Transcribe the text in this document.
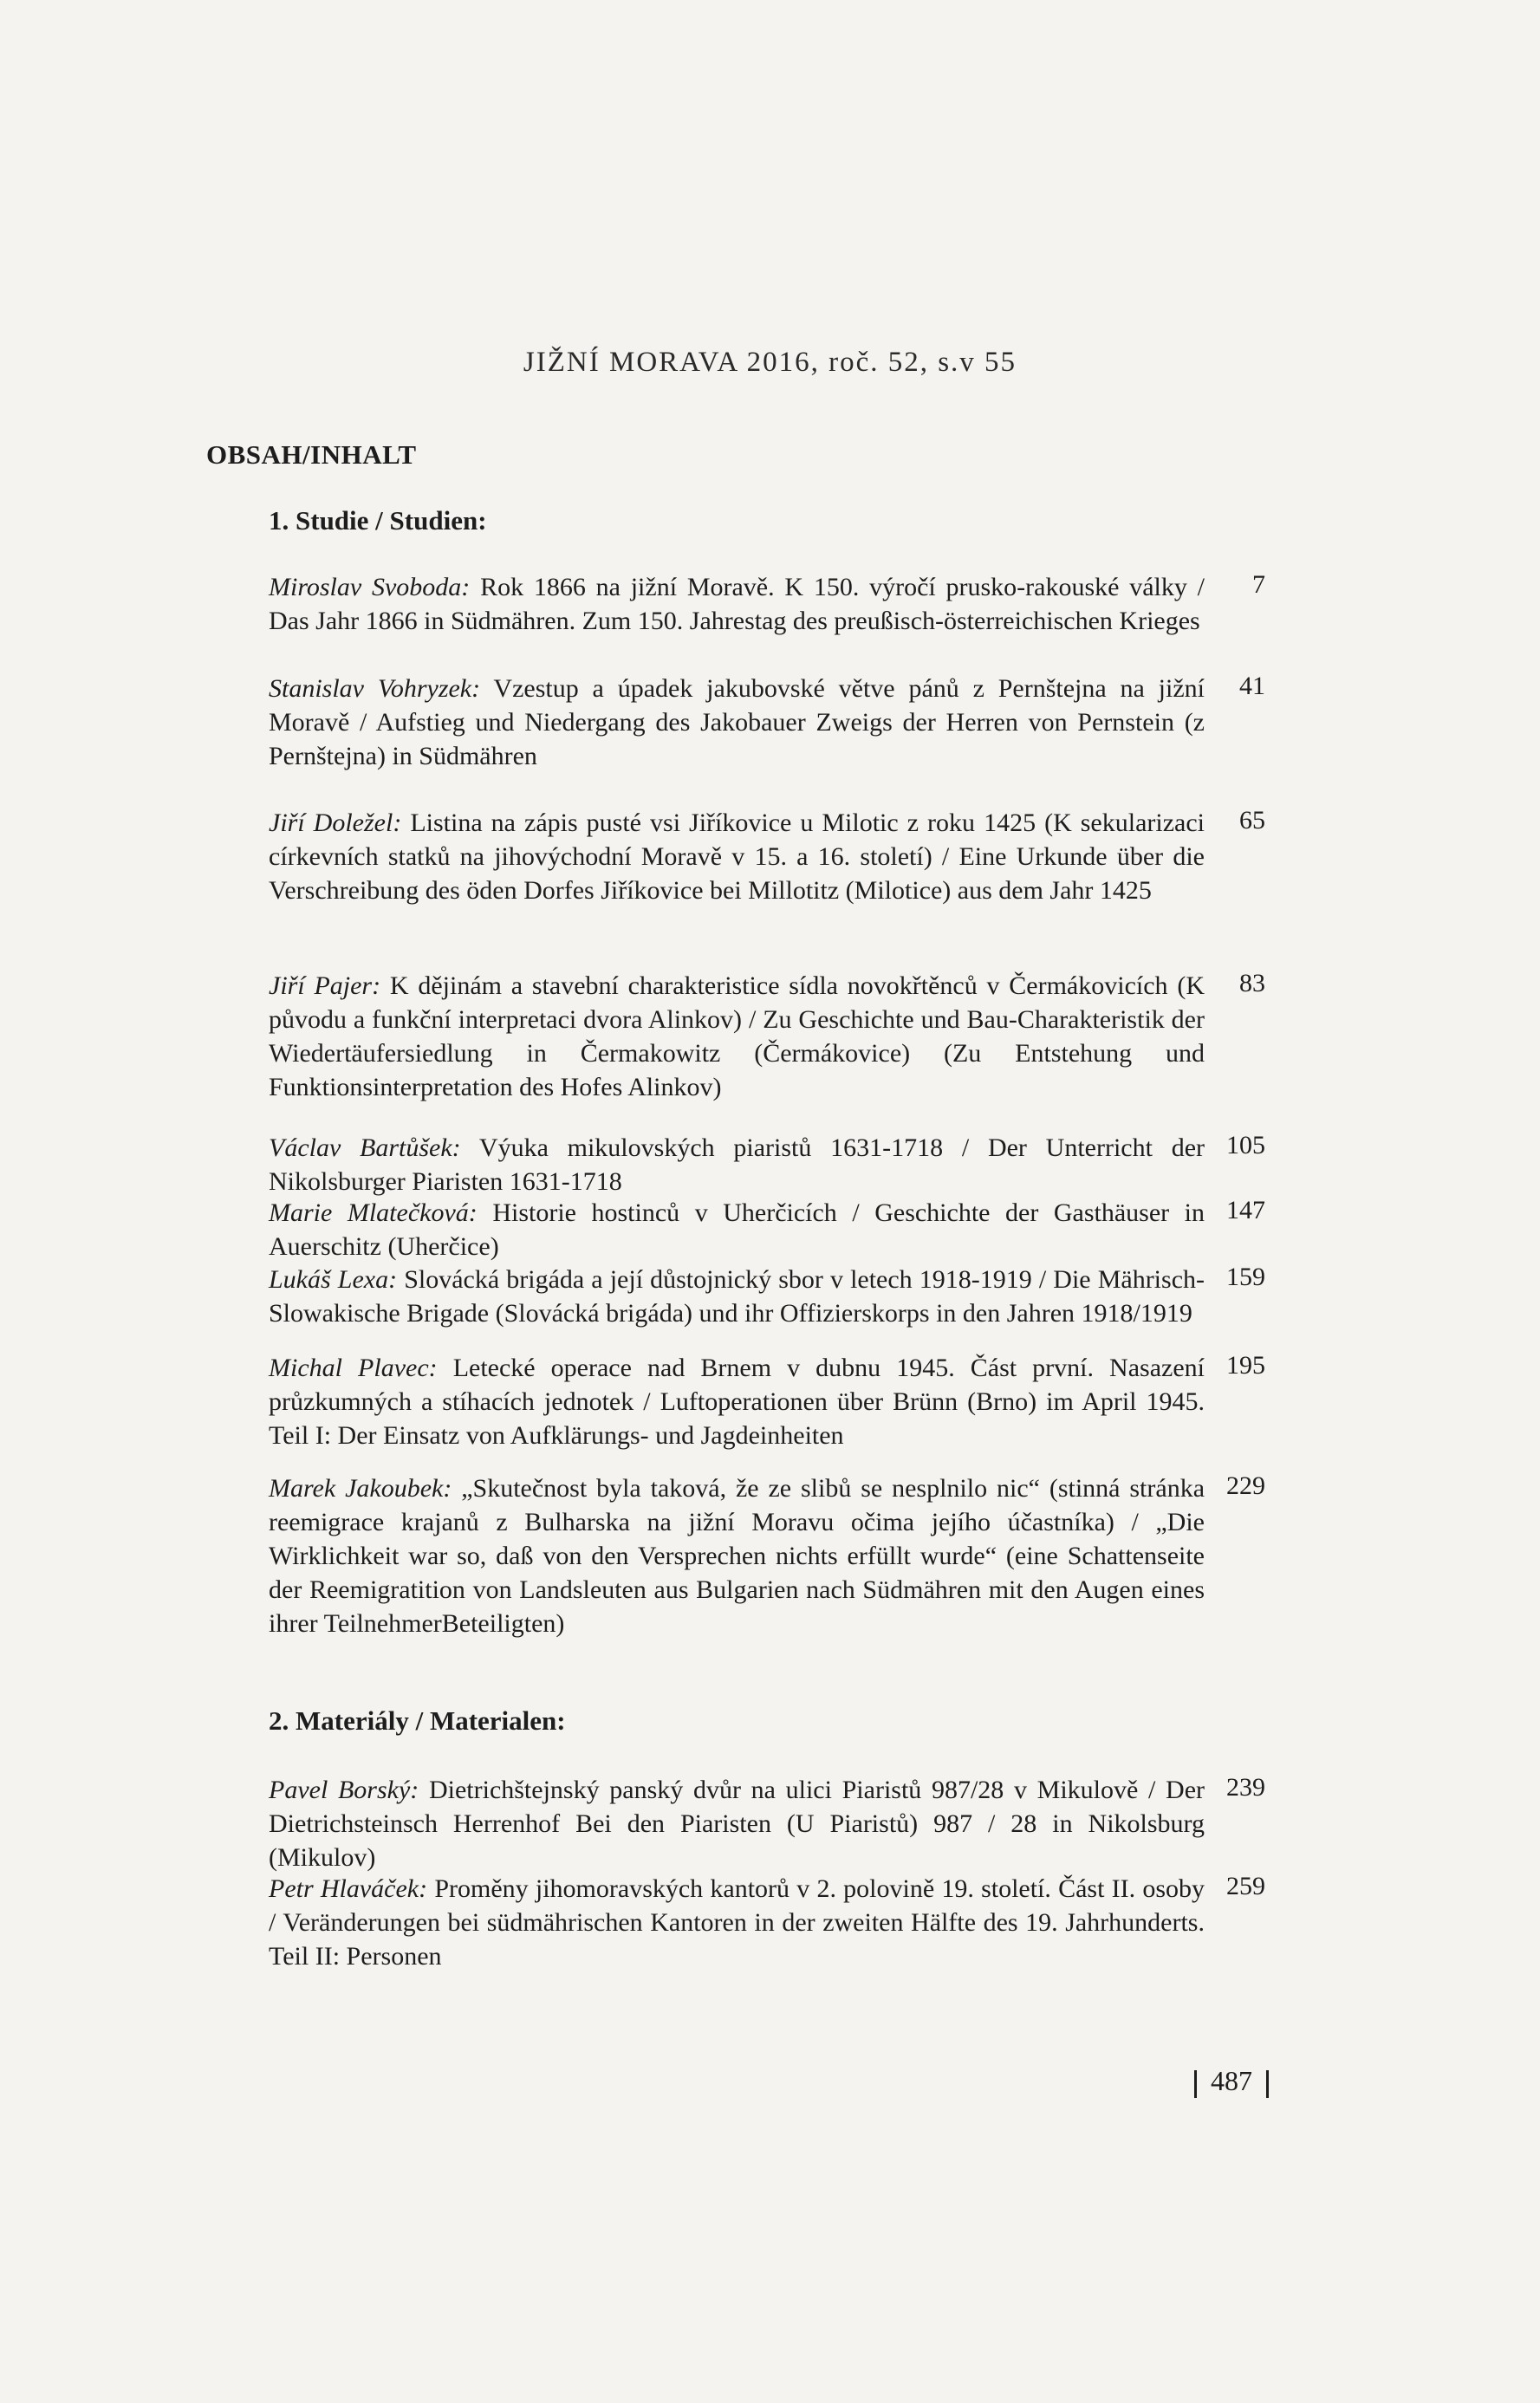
JIŽNÍ MORAVA 2016, roč. 52, s.v 55
OBSAH/INHALT
1. Studie / Studien:
Miroslav Svoboda: Rok 1866 na jižní Moravě. K 150. výročí prusko-rakouské války / Das Jahr 1866 in Südmähren. Zum 150. Jahrestag des preußisch-österreichischen Krieges
7
Stanislav Vohryzek: Vzestup a úpadek jakubovské větve pánů z Pernštejna na jižní Moravě / Aufstieg und Niedergang des Jakobauer Zweigs der Herren von Pernstein (z Pernštejna) in Südmähren
41
Jiří Doležel: Listina na zápis pusté vsi Jiříkovice u Milotic z roku 1425 (K sekularizaci církevních statků na jihovýchodní Moravě v 15. a 16. století) / Eine Urkunde über die Verschreibung des öden Dorfes Jiříkovice bei Millotitz (Milotice) aus dem Jahr 1425
65
Jiří Pajer: K dějinám a stavební charakteristice sídla novokřtěnců v Čermákovicích (K původu a funkční interpretaci dvora Alinkov) / Zu Geschichte und Bau-Charakteristik der Wiedertäufersiedlung in Čermakowitz (Čermákovice) (Zu Entstehung und Funktionsinterpretation des Hofes Alinkov)
83
Václav Bartůšek: Výuka mikulovských piaristů 1631-1718 / Der Unterricht der Nikolsburger Piaristen 1631-1718
105
Marie Mlatečková: Historie hostinců v Uherčicích / Geschichte der Gasthäuser in Auerschitz (Uherčice)
147
Lukáš Lexa: Slovácká brigáda a její důstojnický sbor v letech 1918-1919 / Die Mährisch-Slowakische Brigade (Slovácká brigáda) und ihr Offizierskorps in den Jahren 1918/1919
159
Michal Plavec: Letecké operace nad Brnem v dubnu 1945. Část první. Nasazení průzkumných a stíhacích jednotek / Luftoperationen über Brünn (Brno) im April 1945. Teil I: Der Einsatz von Aufklärungs- und Jagdeinheiten
195
Marek Jakoubek: „Skutečnost byla taková, že ze slibů se nesplnilo nic“ (stinná stránka reemigrace krajanů z Bulharska na jižní Moravu očima jejího účastníka) / „Die Wirklichkeit war so, daß von den Versprechen nichts erfüllt wurde“ (eine Schattenseite der Reemigratition von Landsleuten aus Bulgarien nach Südmähren mit den Augen eines ihrer TeilnehmerBeteiligten)
229
2. Materiály / Materialen:
Pavel Borský: Dietrichštejnský panský dvůr na ulici Piaristů 987/28 v Mikulově / Der Dietrichsteinsch Herrenhof Bei den Piaristen (U Piaristů) 987 / 28 in Nikolsburg (Mikulov)
239
Petr Hlaváček: Proměny jihomoravských kantorů v 2. polovině 19. století. Část II. osoby / Veränderungen bei südmährischen Kantoren in der zweiten Hälfte des 19. Jahrhunderts. Teil II: Personen
259
487
